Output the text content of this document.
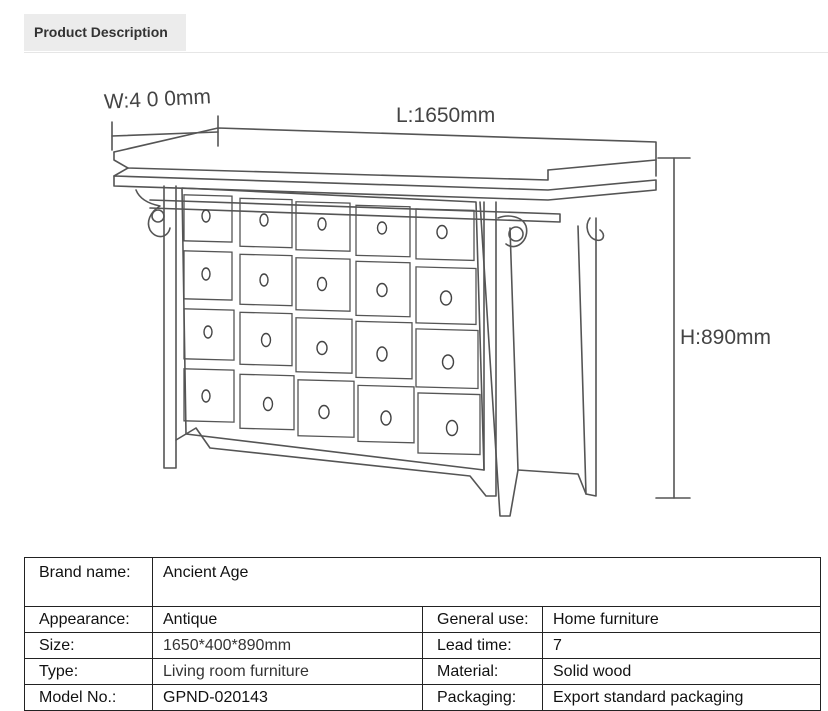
Product Description
W:4 0 0mm
L:1650mm
H:890mm
Brand name:	Ancient Age		
Appearance:	Antique	General use:	Home furniture
Size:	1650*400*890mm	Lead time:	7
Type:	Living room furniture	Material:	Solid wood
Model No.:	GPND-020143	Packaging:	Export standard packaging
